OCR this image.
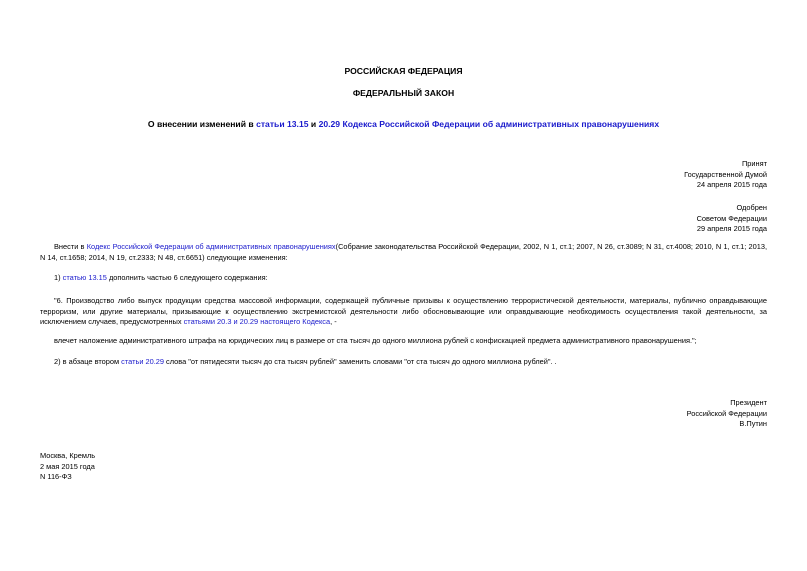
РОССИЙСКАЯ ФЕДЕРАЦИЯ
ФЕДЕРАЛЬНЫЙ ЗАКОН
О внесении изменений в статьи 13.15 и 20.29 Кодекса Российской Федерации об административных правонарушениях
Принят
Государственной Думой
24 апреля 2015 года
Одобрен
Советом Федерации
29 апреля 2015 года
Внести в Кодекс Российской Федерации об административных правонарушениях(Собрание законодательства Российской Федерации, 2002, N 1, ст.1; 2007, N 26, ст.3089; N 31, ст.4008; 2010, N 1, ст.1; 2013, N 14, ст.1658; 2014, N 19, ст.2333; N 48, ст.6651) следующие изменения:
1) статью 13.15 дополнить частью 6 следующего содержания:
"6. Производство либо выпуск продукции средства массовой информации, содержащей публичные призывы к осуществлению террористической деятельности, материалы, публично оправдывающие терроризм, или другие материалы, призывающие к осуществлению экстремистской деятельности либо обосновывающие или оправдывающие необходимость осуществления такой деятельности, за исключением случаев, предусмотренных статьями 20.3 и 20.29 настоящего Кодекса, -
влечет наложение административного штрафа на юридических лиц в размере от ста тысяч до одного миллиона рублей с конфискацией предмета административного правонарушения.";
2) в абзаце втором статьи 20.29 слова "от пятидесяти тысяч до ста тысяч рублей" заменить словами "от ста тысяч до одного миллиона рублей". .
Президент
Российской Федерации
В.Путин
Москва, Кремль
2 мая 2015 года
N 116-ФЗ
